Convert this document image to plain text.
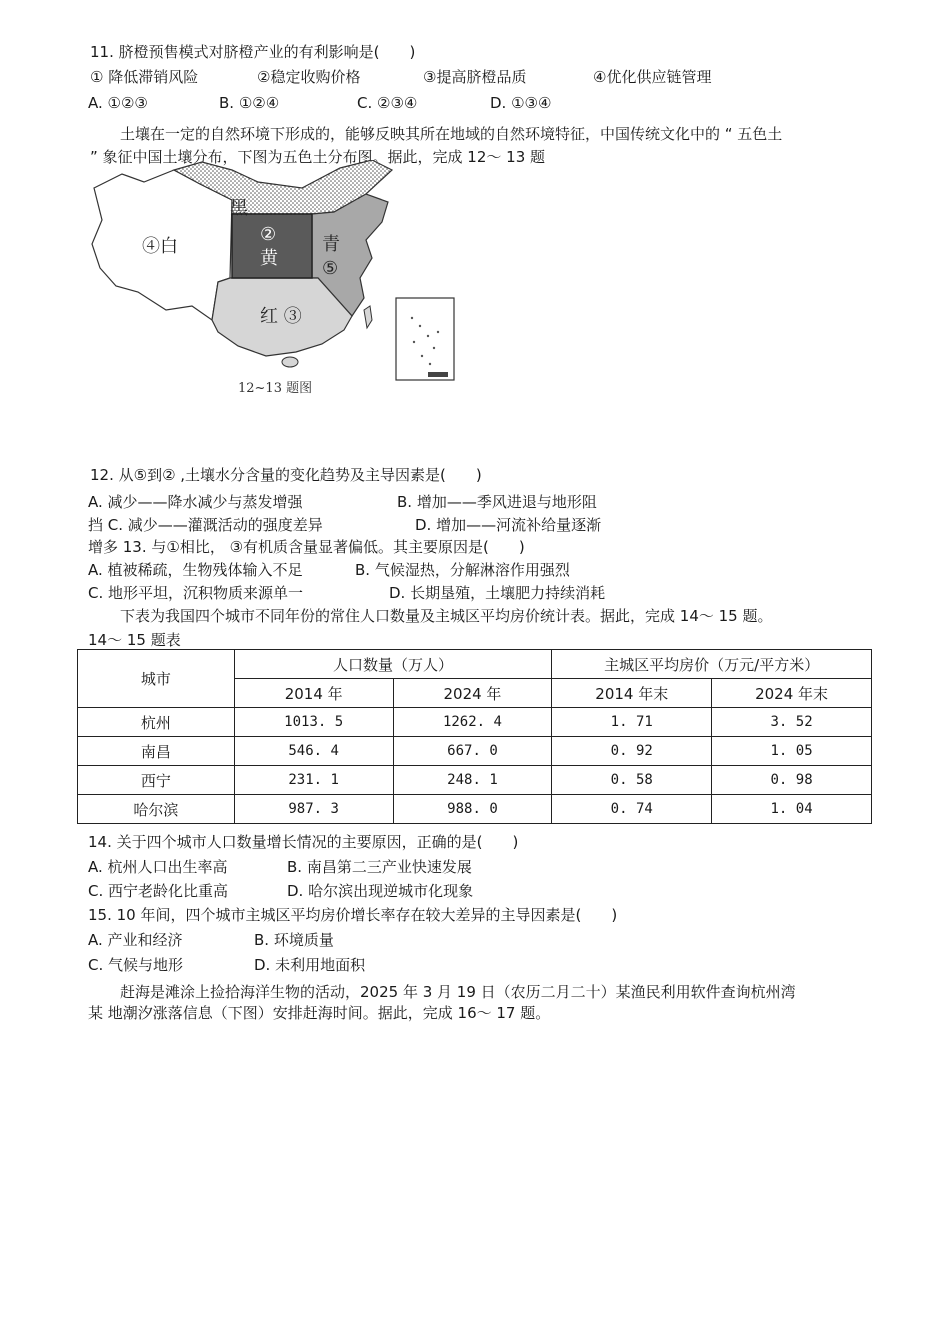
11. 脐橙预售模式对脐橙产业的有利影响是(　　)
① 降低滞销风险	②稳定收购价格	③提高脐橙品质	④优化供应链管理
A. ①②③	B. ①②④	C. ②③④	D. ①③④
土壤在一定的自然环境下形成的，能够反映其所在地域的自然环境特征，中国传统文化中的 “ 五色土
” 象征中国土壤分布，下图为五色土分布图。据此，完成 12～ 13 题
黑
②
黄
④白	青
⑤
红 ③
12~13 题图
12. 从⑤到② ,土壤水分含量的变化趋势及主导因素是(　　)
A. 减少——降水减少与蒸发增强	B. 增加——季风进退与地形阻
挡 C. 减少——灌溉活动的强度差异	D. 增加——河流补给量逐渐
增多 13. 与①相比， ③有机质含量显著偏低。其主要原因是(　　)
A. 植被稀疏，生物残体输入不足	B. 气候湿热，分解淋溶作用强烈
C. 地形平坦，沉积物质来源单一	D. 长期垦殖，土壤肥力持续消耗
下表为我国四个城市不同年份的常住人口数量及主城区平均房价统计表。据此，完成 14～ 15 题。
14～ 15 题表
城市	人口数量（万人）		主城区平均房价（万元/平方米）	
	2014 年	2024 年	2014 年末	2024 年末
杭州	1013. 5	1262. 4	1. 71	3. 52
南昌	546. 4	667. 0	0. 92	1. 05
西宁	231. 1	248. 1	0. 58	0. 98
哈尔滨	987. 3	988. 0	0. 74	1. 04
14. 关于四个城市人口数量增长情况的主要原因，正确的是(　　)
A. 杭州人口出生率高	B. 南昌第二三产业快速发展
C. 西宁老龄化比重高	D. 哈尔滨出现逆城市化现象
15. 10 年间，四个城市主城区平均房价增长率存在较大差异的主导因素是(　　)
A. 产业和经济	B. 环境质量
C. 气候与地形	D. 未利用地面积
赶海是滩涂上捡拾海洋生物的活动，2025 年 3 月 19 日（农历二月二十）某渔民利用软件查询杭州湾
某 地潮汐涨落信息（下图）安排赶海时间。据此，完成 16～ 17 题。
